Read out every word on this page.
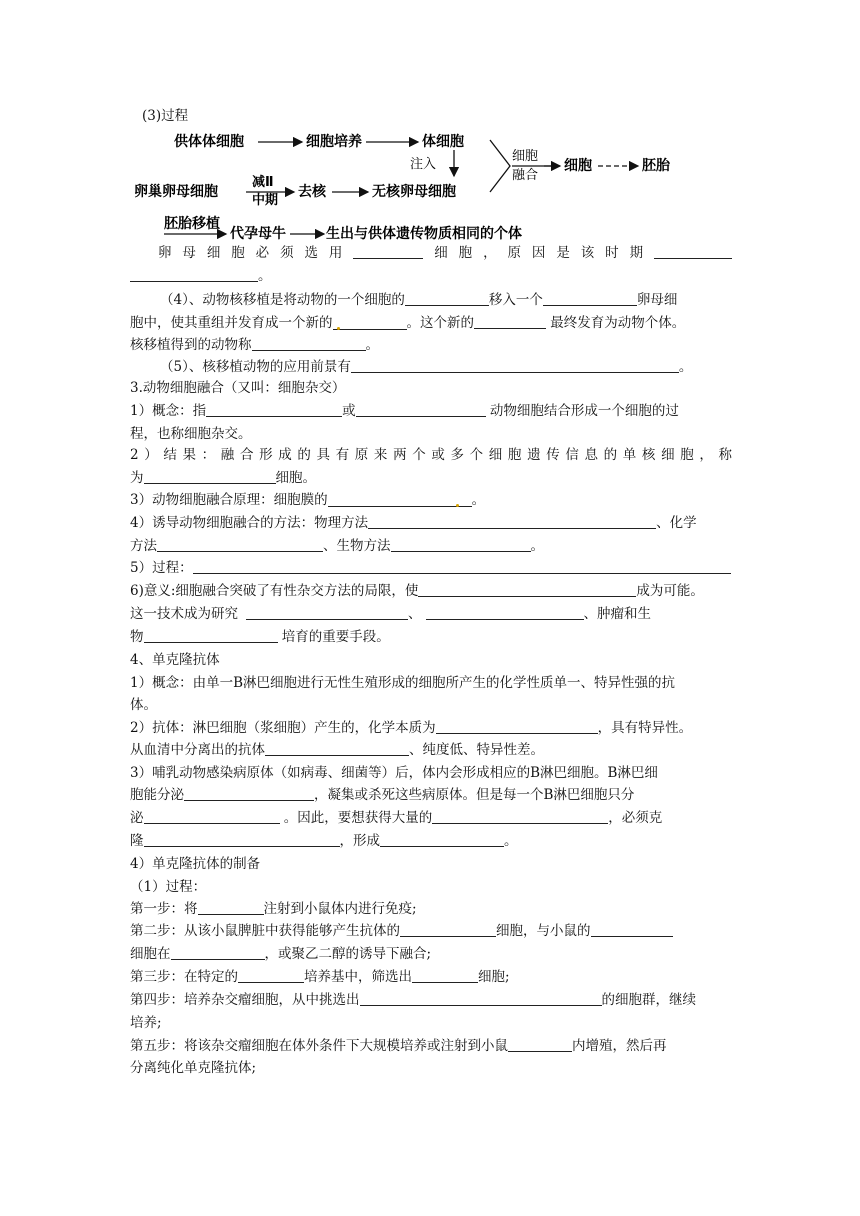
(3)过程
供体体细胞	细胞培养	体细胞
注入
细胞
融合
细胞	胚胎
卵巢卵母细胞
减Ⅱ
中期
去核	无核卵母细胞
胚胎移植
代孕母牛	生出与供体遗传物质相同的个体
卵母细胞必须选用	细胞，原因是该时期
。
（4）、动物核移植是将动物的一个细胞的	移入一个	卵母细
胞中，使其重组并发育成一个新的	。这个新的	最终发育为动物个体。
核移植得到的动物称	。
（5）、核移植动物的应用前景有	。
3.动物细胞融合（又叫：细胞杂交）
1）概念：指	或	动物细胞结合形成一个细胞的过
程，也称细胞杂交。
2）结果：融合形成的具有原来两个或多个细胞遗传信息的单核细胞，称
为	细胞。
3）动物细胞融合原理：细胞膜的	。
4）诱导动物细胞融合的方法：物理方法	、化学
方法	、生物方法	。
5）过程：
6)意义:细胞融合突破了有性杂交方法的局限，使	成为可能。
这一技术成为研究	、	、肿瘤和生
物	培育的重要手段。
4、单克隆抗体
1）概念：由单一B淋巴细胞进行无性生殖形成的细胞所产生的化学性质单一、特异性强的抗
体。
2）抗体：淋巴细胞（浆细胞）产生的，化学本质为	，具有特异性。
从血清中分离出的抗体	、纯度低、特异性差。
3）哺乳动物感染病原体（如病毒、细菌等）后，体内会形成相应的B淋巴细胞。B淋巴细
胞能分泌	，凝集或杀死这些病原体。但是每一个B淋巴细胞只分
泌	。因此，要想获得大量的	，必须克
隆	，形成	。
4）单克隆抗体的制备
（1）过程：
第一步：将	注射到小鼠体内进行免疫;
第二步：从该小鼠脾脏中获得能够产生抗体的	细胞，与小鼠的
细胞在	，或聚乙二醇的诱导下融合;
第三步：在特定的	培养基中，筛选出	细胞;
第四步：培养杂交瘤细胞，从中挑选出	的细胞群，继续
培养;
第五步：将该杂交瘤细胞在体外条件下大规模培养或注射到小鼠	内增殖，然后再
分离纯化单克隆抗体;
